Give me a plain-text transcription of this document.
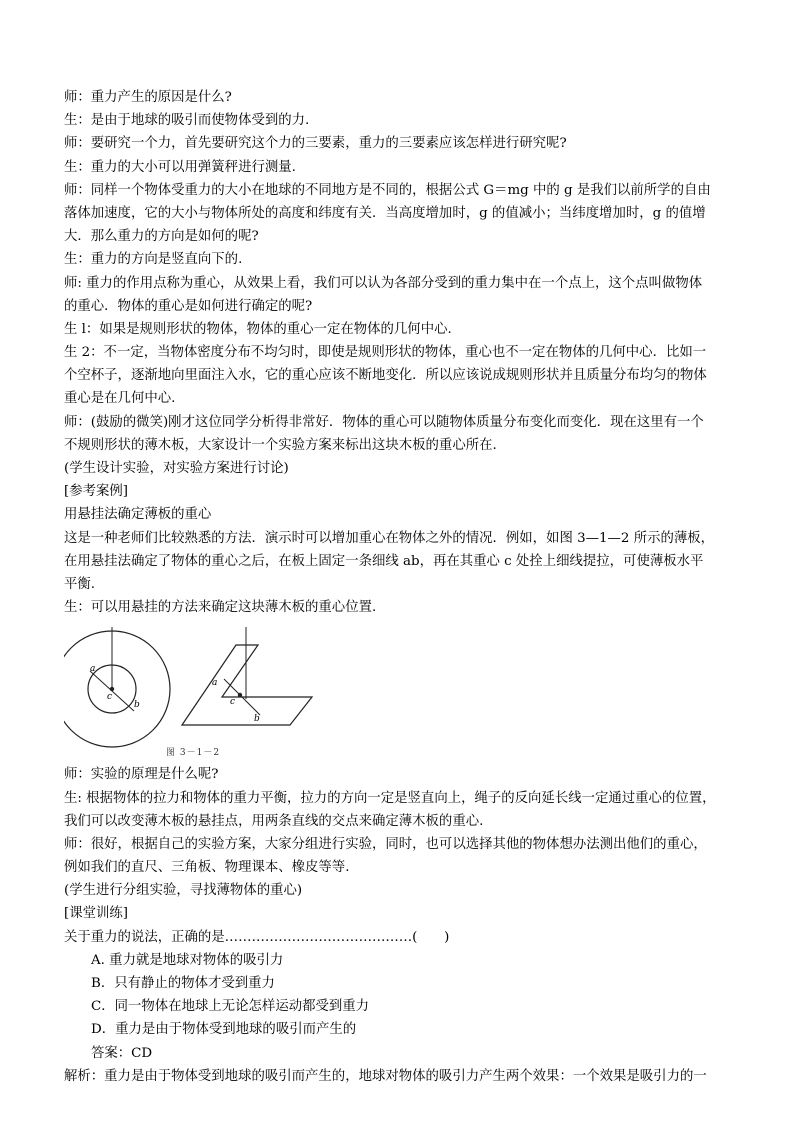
师：重力产生的原因是什么?
生：是由于地球的吸引而使物体受到的力.
师：要研究一个力，首先要研究这个力的三要素，重力的三要素应该怎样进行研究呢?
生：重力的大小可以用弹簧秤进行测量.
师：同样一个物体受重力的大小在地球的不同地方是不同的，根据公式 G＝mg 中的 g 是我们以前所学的自由
落体加速度，它的大小与物体所处的高度和纬度有关．当高度增加时，g 的值减小；当纬度增加时，g 的值增
大．那么重力的方向是如何的呢?
生：重力的方向是竖直向下的.
师: 重力的作用点称为重心，从效果上看，我们可以认为各部分受到的重力集中在一个点上，这个点叫做物体
的重心．物体的重心是如何进行确定的呢?
生 l：如果是规则形状的物体，物体的重心一定在物体的几何中心.
生 2：不一定，当物体密度分布不均匀时，即使是规则形状的物体，重心也不一定在物体的几何中心．比如一
个空杯子，逐渐地向里面注入水，它的重心应该不断地变化．所以应该说成规则形状并且质量分布均匀的物体
重心是在几何中心.
师：(鼓励的微笑)刚才这位同学分析得非常好．物体的重心可以随物体质量分布变化而变化．现在这里有一个
不规则形状的薄木板，大家设计一个实验方案来标出这块木板的重心所在.
(学生设计实验，对实验方案进行讨论)
[参考案例]
用悬挂法确定薄板的重心
这是一种老师们比较熟悉的方法．演示时可以增加重心在物体之外的情况．例如，如图 3—1—2 所示的薄板，
在用悬挂法确定了物体的重心之后，在板上固定一条细线 ab，再在其重心 c 处拴上细线提拉，可使薄板水平
平衡.
生：可以用悬挂的方法来确定这块薄木板的重心位置.
a
c
b
a
c
b
图 3－1－2
师：实验的原理是什么呢?
生: 根据物体的拉力和物体的重力平衡，拉力的方向一定是竖直向上，绳子的反向延长线一定通过重心的位置，
我们可以改变薄木板的悬挂点，用两条直线的交点来确定薄木板的重心.
师：很好，根据自己的实验方案，大家分组进行实验，同时，也可以选择其他的物体想办法测出他们的重心，
例如我们的直尺、三角板、物理课本、橡皮等等.
(学生进行分组实验，寻找薄物体的重心)
[课堂训练]
关于重力的说法，正确的是……………………………………(　　)
A. 重力就是地球对物体的吸引力
B．只有静止的物体才受到重力
C．同一物体在地球上无论怎样运动都受到重力
D．重力是由于物体受到地球的吸引而产生的
答案：CD
解析：重力是由于物体受到地球的吸引而产生的，地球对物体的吸引力产生两个效果：一个效果是吸引力的一
